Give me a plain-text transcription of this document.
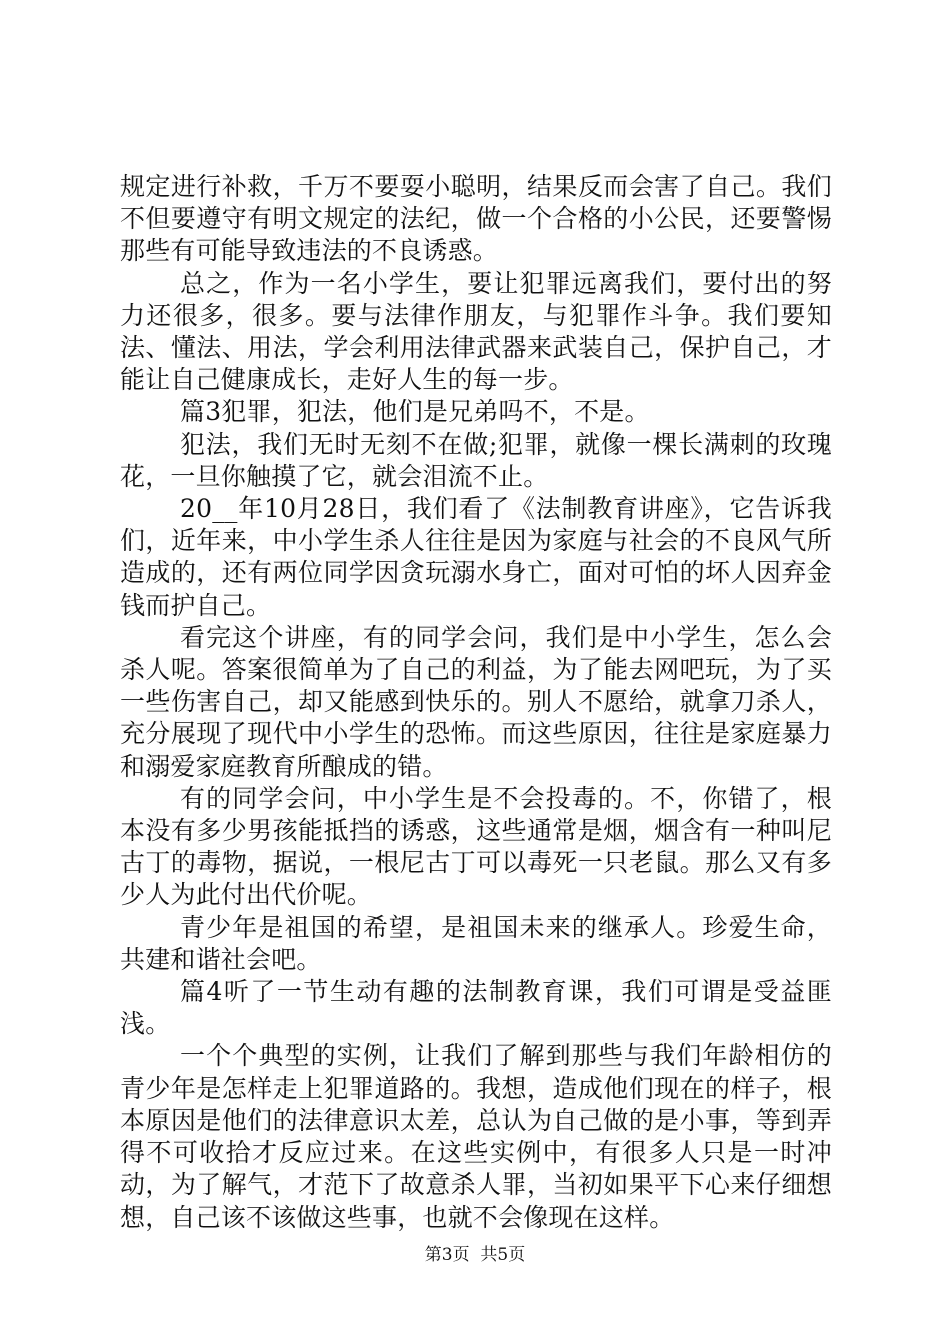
规定进行补救，千万不要耍小聪明，结果反而会害了自己。我们不但要遵守有明文规定的法纪，做一个合格的小公民，还要警惕那些有可能导致违法的不良诱惑。

总之，作为一名小学生，要让犯罪远离我们，要付出的努力还很多，很多。要与法律作朋友，与犯罪作斗争。我们要知法、懂法、用法，学会利用法律武器来武装自己，保护自己，才能让自己健康成长，走好人生的每一步。

篇3犯罪，犯法，他们是兄弟吗不，不是。

犯法，我们无时无刻不在做;犯罪，就像一棵长满刺的玫瑰花，一旦你触摸了它，就会泪流不止。

20__年10月28日，我们看了《法制教育讲座》，它告诉我们，近年来，中小学生杀人往往是因为家庭与社会的不良风气所造成的，还有两位同学因贪玩溺水身亡，面对可怕的坏人因弃金钱而护自己。

看完这个讲座，有的同学会问，我们是中小学生，怎么会杀人呢。答案很简单为了自己的利益，为了能去网吧玩，为了买一些伤害自己，却又能感到快乐的。别人不愿给，就拿刀杀人，充分展现了现代中小学生的恐怖。而这些原因，往往是家庭暴力和溺爱家庭教育所酿成的错。

有的同学会问，中小学生是不会投毒的。不，你错了，根本没有多少男孩能抵挡的诱惑，这些通常是烟，烟含有一种叫尼古丁的毒物，据说，一根尼古丁可以毒死一只老鼠。那么又有多少人为此付出代价呢。

青少年是祖国的希望，是祖国未来的继承人。珍爱生命，共建和谐社会吧。

篇4听了一节生动有趣的法制教育课，我们可谓是受益匪浅。

一个个典型的实例，让我们了解到那些与我们年龄相仿的青少年是怎样走上犯罪道路的。我想，造成他们现在的样子，根本原因是他们的法律意识太差，总认为自己做的是小事，等到弄得不可收拾才反应过来。在这些实例中，有很多人只是一时冲动，为了解气，才范下了故意杀人罪，当初如果平下心来仔细想想，自己该不该做这些事，也就不会像现在这样。

第3页  共5页
